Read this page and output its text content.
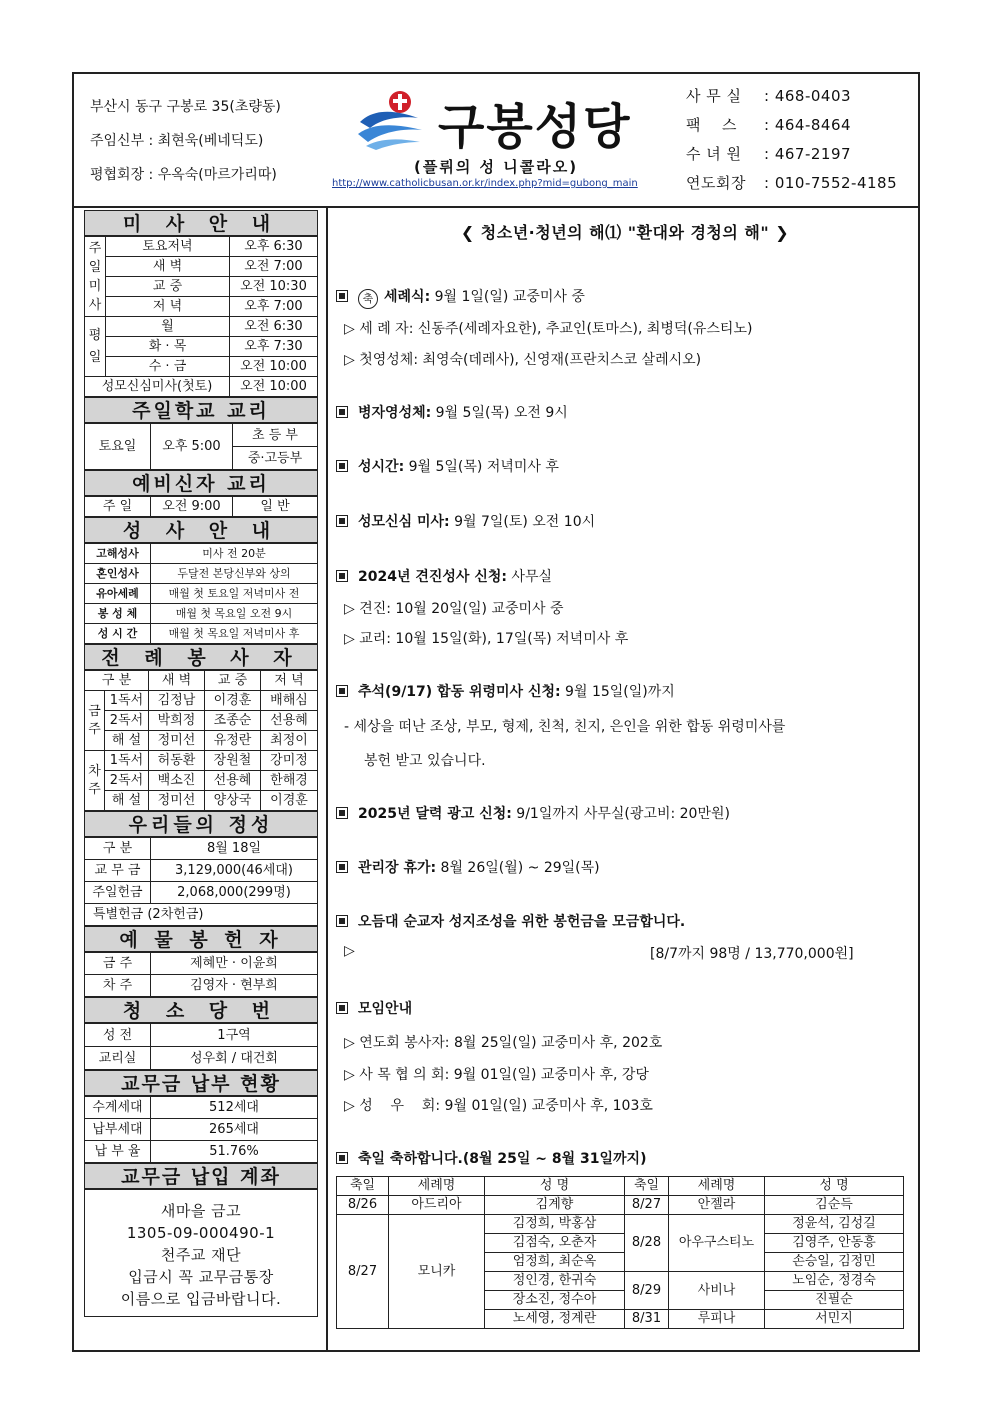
부산시 동구 구봉로 35(초량동)
주임신부 : 최현욱(베네딕도)
평협회장 : 우옥숙(마르가리따)
구봉성당
(플뤼의 성 니콜라오)
http://www.catholicbusan.or.kr/index.php?mid=gubong_main
사 무 실	: 468-0403
팩    스	: 464-8464
수 녀 원	: 467-2197
연도회장	: 010-7552-4185
미 사 안 내
주일미사	토요저녁	오후 6:30
	새 벽	오전 7:00
	교 중	오전 10:30
	저 녁	오후 7:00
평일	월	오전 6:30
	화 · 목	오후 7:30
	수 · 금	오전 10:00
성모신심미사(첫토)		오전 10:00
주일학교 교리
토요일	오후 5:00	초 등 부
중·고등부
예비신자 교리
주 일	오전 9:00	일 반
성 사 안 내
고해성사	미사 전 20분
혼인성사	두달전 본당신부와 상의
유아세례	매월 첫 토요일 저녁미사 전
봉 성 체	매월 첫 목요일 오전 9시
성 시 간	매월 첫 목요일 저녁미사 후
전 례 봉 사 자
구 분		새 벽	교 중	저 녁
금주	1독서	김정남	이경훈	배해심
	2독서	박희정	조종순	선용혜
	해 설	정미선	유정란	최정이
차주	1독서	허동환	장원철	강미정
	2독서	백소진	선용혜	한해경
	해 설	정미선	양상국	이경훈
우리들의 정성
구 분	8월 18일
교 무 금	3,129,000(46세대)
주일헌금	2,068,000(299명)
특별헌금 (2차헌금)	
예 물 봉 헌 자
금 주	제혜만 · 이윤희
차 주	김영자 · 현부희
청 소 당 번
성 전	1구역
교리실	성우회 / 대건회
교무금 납부 현황
수계세대	512세대
납부세대	265세대
납 부 율	51.76%
교무금 납입 계좌
새마을 금고
1305-09-000490-1
천주교 재단
입금시 꼭 교무금통장
이름으로 입금바랍니다.
❮ 청소년·청년의 해⑴ "환대와 경청의 해" ❯
축 세례식: 9월 1일(일) 교중미사 중
▷ 세 례 자: 신동주(세례자요한), 추교인(토마스), 최병덕(유스티노)
▷ 첫영성체: 최영숙(데레사), 신영재(프란치스코 살레시오)
병자영성체: 9월 5일(목) 오전 9시
성시간: 9월 5일(목) 저녁미사 후
성모신심 미사: 9월 7일(토) 오전 10시
2024년 견진성사 신청: 사무실
▷ 견진: 10월 20일(일) 교중미사 중
▷ 교리: 10월 15일(화), 17일(목) 저녁미사 후
추석(9/17) 합동 위령미사 신청: 9월 15일(일)까지
- 세상을 떠난 조상, 부모, 형제, 친척, 친지, 은인을 위한 합동 위령미사를
봉헌 받고 있습니다.
2025년 달력 광고 신청: 9/1일까지 사무실(광고비: 20만원)
관리장 휴가: 8월 26일(월) ~ 29일(목)
오듬대 순교자 성지조성을 위한 봉헌금을 모금합니다.
▷	[8/7까지 98명 / 13,770,000원]
모임안내
▷ 연도회 봉사자: 8월 25일(일) 교중미사 후, 202호
▷ 사 목 협 의 회: 9월 01일(일) 교중미사 후, 강당
▷ 성    우    회: 9월 01일(일) 교중미사 후, 103호
축일 축하합니다.(8월 25일 ~ 8월 31일까지)
축일	세례명	성 명	축일	세례명	성 명
8/26	아드리아	김계향	8/27	안젤라	김순득
8/27	모니카	김정희, 박홍삼	8/28	아우구스티노	정윤석, 김성길
		김점숙, 오춘자			김영주, 안동흥
		엄정희, 최순옥			손승일, 김정민
		정인경, 한귀숙	8/29	사비나	노임순, 정경숙
		장소진, 정수아			진필순
		노세영, 정계란	8/31	루피나	서민지
